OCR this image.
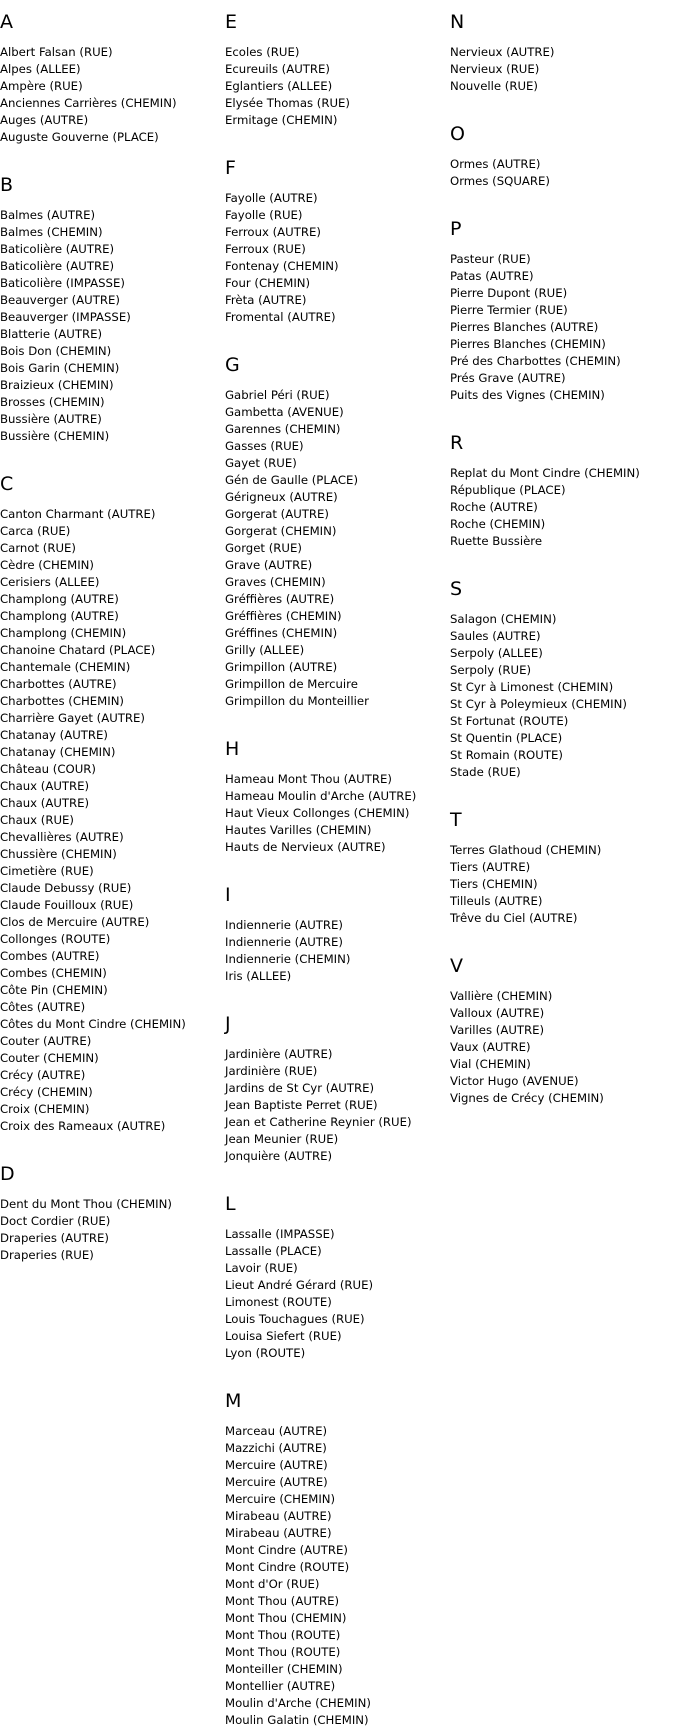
A
Albert Falsan (RUE)
Alpes (ALLEE)
Ampère (RUE)
Anciennes Carrières (CHEMIN)
Auges (AUTRE)
Auguste Gouverne (PLACE)
B
Balmes (AUTRE)
Balmes (CHEMIN)
Baticolière (AUTRE)
Baticolière (AUTRE)
Baticolière (IMPASSE)
Beauverger (AUTRE)
Beauverger (IMPASSE)
Blatterie (AUTRE)
Bois Don (CHEMIN)
Bois Garin (CHEMIN)
Braizieux (CHEMIN)
Brosses (CHEMIN)
Bussière (AUTRE)
Bussière (CHEMIN)
C
Canton Charmant (AUTRE)
Carca (RUE)
Carnot (RUE)
Cèdre (CHEMIN)
Cerisiers (ALLEE)
Champlong (AUTRE)
Champlong (AUTRE)
Champlong (CHEMIN)
Chanoine Chatard (PLACE)
Chantemale (CHEMIN)
Charbottes (AUTRE)
Charbottes (CHEMIN)
Charrière Gayet (AUTRE)
Chatanay (AUTRE)
Chatanay (CHEMIN)
Château (COUR)
Chaux (AUTRE)
Chaux (AUTRE)
Chaux (RUE)
Chevallières (AUTRE)
Chussière (CHEMIN)
Cimetière (RUE)
Claude Debussy (RUE)
Claude Fouilloux (RUE)
Clos de Mercuire (AUTRE)
Collonges (ROUTE)
Combes (AUTRE)
Combes (CHEMIN)
Côte Pin (CHEMIN)
Côtes (AUTRE)
Côtes du Mont Cindre (CHEMIN)
Couter (AUTRE)
Couter (CHEMIN)
Crécy (AUTRE)
Crécy (CHEMIN)
Croix (CHEMIN)
Croix des Rameaux (AUTRE)
D
Dent du Mont Thou (CHEMIN)
Doct Cordier (RUE)
Draperies (AUTRE)
Draperies (RUE)
E
Ecoles (RUE)
Ecureuils (AUTRE)
Eglantiers (ALLEE)
Elysée Thomas (RUE)
Ermitage (CHEMIN)
F
Fayolle (AUTRE)
Fayolle (RUE)
Ferroux (AUTRE)
Ferroux (RUE)
Fontenay (CHEMIN)
Four (CHEMIN)
Frèta (AUTRE)
Fromental (AUTRE)
G
Gabriel Péri (RUE)
Gambetta (AVENUE)
Garennes (CHEMIN)
Gasses (RUE)
Gayet (RUE)
Gén de Gaulle (PLACE)
Gérigneux (AUTRE)
Gorgerat (AUTRE)
Gorgerat (CHEMIN)
Gorget (RUE)
Grave (AUTRE)
Graves (CHEMIN)
Gréffières (AUTRE)
Gréffières (CHEMIN)
Gréffines (CHEMIN)
Grilly (ALLEE)
Grimpillon (AUTRE)
Grimpillon de Mercuire
Grimpillon du Monteillier
H
Hameau Mont Thou (AUTRE)
Hameau Moulin d'Arche (AUTRE)
Haut Vieux Collonges (CHEMIN)
Hautes Varilles (CHEMIN)
Hauts de Nervieux (AUTRE)
I
Indiennerie (AUTRE)
Indiennerie (AUTRE)
Indiennerie (CHEMIN)
Iris (ALLEE)
J
Jardinière (AUTRE)
Jardinière (RUE)
Jardins de St Cyr (AUTRE)
Jean Baptiste Perret (RUE)
Jean et Catherine Reynier (RUE)
Jean Meunier (RUE)
Jonquière (AUTRE)
L
Lassalle (IMPASSE)
Lassalle (PLACE)
Lavoir (RUE)
Lieut André Gérard (RUE)
Limonest (ROUTE)
Louis Touchagues (RUE)
Louisa Siefert (RUE)
Lyon (ROUTE)
M
Marceau (AUTRE)
Mazzichi (AUTRE)
Mercuire (AUTRE)
Mercuire (AUTRE)
Mercuire (CHEMIN)
Mirabeau (AUTRE)
Mirabeau (AUTRE)
Mont Cindre (AUTRE)
Mont Cindre (ROUTE)
Mont d'Or (RUE)
Mont Thou (AUTRE)
Mont Thou (CHEMIN)
Mont Thou (ROUTE)
Mont Thou (ROUTE)
Monteiller (CHEMIN)
Montellier (AUTRE)
Moulin d'Arche (CHEMIN)
Moulin Galatin (CHEMIN)
N
Nervieux (AUTRE)
Nervieux (RUE)
Nouvelle (RUE)
O
Ormes (AUTRE)
Ormes (SQUARE)
P
Pasteur (RUE)
Patas (AUTRE)
Pierre Dupont (RUE)
Pierre Termier (RUE)
Pierres Blanches (AUTRE)
Pierres Blanches (CHEMIN)
Pré des Charbottes (CHEMIN)
Prés Grave (AUTRE)
Puits des Vignes (CHEMIN)
R
Replat du Mont Cindre (CHEMIN)
République (PLACE)
Roche (AUTRE)
Roche (CHEMIN)
Ruette Bussière
S
Salagon (CHEMIN)
Saules (AUTRE)
Serpoly (ALLEE)
Serpoly (RUE)
St Cyr à Limonest (CHEMIN)
St Cyr à Poleymieux (CHEMIN)
St Fortunat (ROUTE)
St Quentin (PLACE)
St Romain (ROUTE)
Stade (RUE)
T
Terres Glathoud (CHEMIN)
Tiers (AUTRE)
Tiers (CHEMIN)
Tilleuls (AUTRE)
Trêve du Ciel (AUTRE)
V
Vallière (CHEMIN)
Valloux (AUTRE)
Varilles (AUTRE)
Vaux (AUTRE)
Vial (CHEMIN)
Victor Hugo (AVENUE)
Vignes de Crécy (CHEMIN)
